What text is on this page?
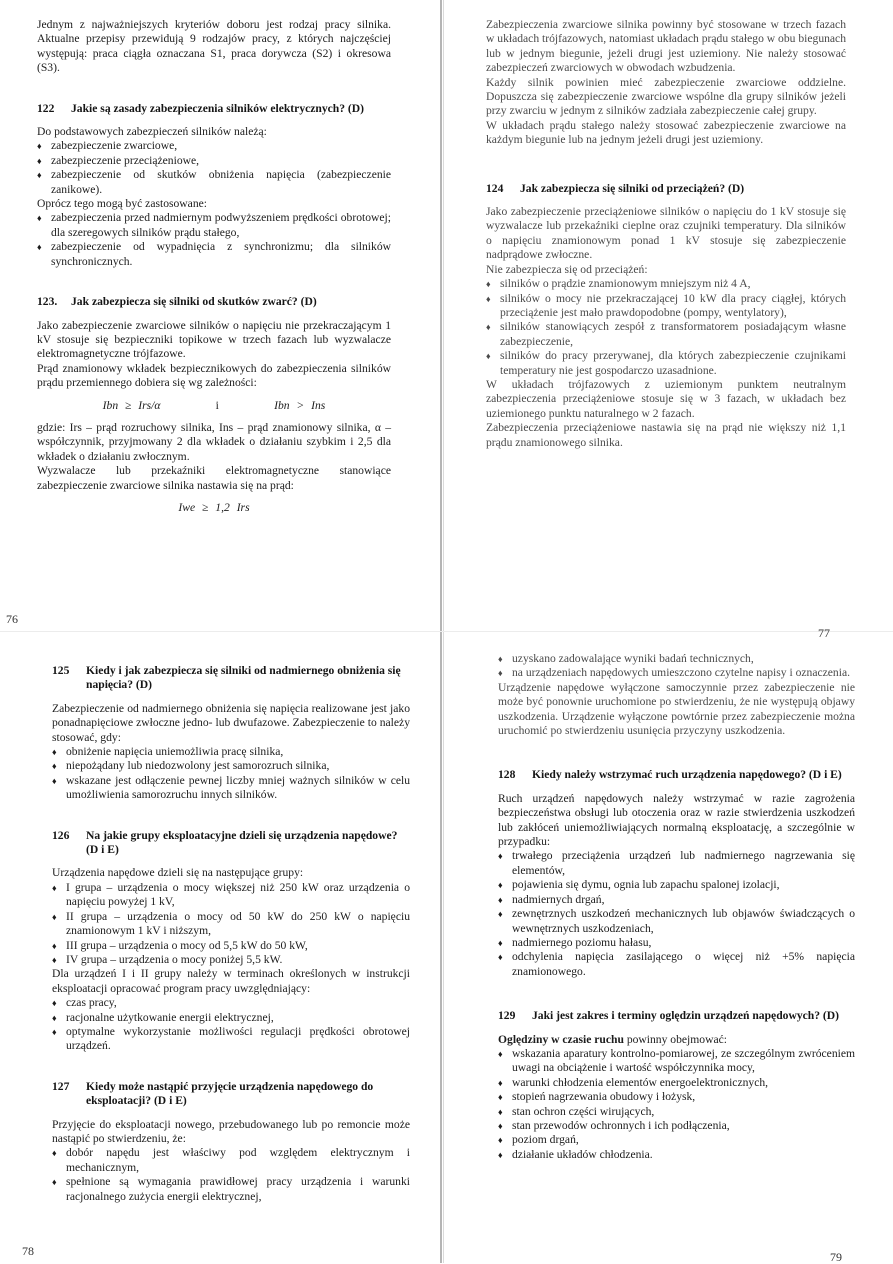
Jednym z najważniejszych kryteriów doboru jest rodzaj pracy silnika. Aktualne przepisy przewidują 9 rodzajów pracy, z których najczęściej występują: praca ciągła oznaczana S1, praca dorywcza (S2) i okresowa (S3).

122	Jakie są zasady zabezpieczenia silników elektrycznych? (D)

Do podstawowych zabezpieczeń silników należą:

♦ zabezpieczenie zwarciowe,
♦ zabezpieczenie przeciążeniowe,
♦ zabezpieczenie od skutków obniżenia napięcia (zabezpieczenie zanikowe).

Oprócz tego mogą być zastosowane:

♦ zabezpieczenia przed nadmiernym podwyższeniem prędkości obrotowej; dla szeregowych silników prądu stałego,
♦ zabezpieczenie od wypadnięcia z synchronizmu; dla silników synchronicznych.
123.	Jak zabezpiecza się silniki od skutków zwarć? (D)

Jako zabezpieczenie zwarciowe silników o napięciu nie przekraczającym 1 kV stosuje się bezpieczniki topikowe w trzech fazach lub wyzwalacze elektromagnetyczne trójfazowe.

Prąd znamionowy wkładek bezpiecznikowych do zabezpieczenia silników prądu przemiennego dobiera się wg zależności:

Ibn ≥ Irs/α	i	Ibn > Ins

gdzie: Irs – prąd rozruchowy silnika, Ins – prąd znamionowy silnika, α – współczynnik, przyjmowany 2 dla wkładek o działaniu szybkim i 2,5 dla wkładek o działaniu zwłocznym.

Wyzwalacze lub przekaźniki elektromagnetyczne stanowiące zabezpieczenie zwarciowe silnika nastawia się na prąd:

Iwe ≥ 1,2 Irs
76

Zabezpieczenia zwarciowe silnika powinny być stosowane w trzech fazach w układach trójfazowych, natomiast układach prądu stałego w obu biegunach lub w jednym biegunie, jeżeli drugi jest uziemiony. Nie należy stosować zabezpieczeń zwarciowych w obwodach wzbudzenia.

Każdy silnik powinien mieć zabezpieczenie zwarciowe oddzielne. Dopuszcza się zabezpieczenie zwarciowe wspólne dla grupy silników jeżeli przy zwarciu w jednym z silników zadziała zabezpieczenie całej grupy.

W układach prądu stałego należy stosować zabezpieczenie zwarciowe na każdym biegunie lub na jednym jeżeli drugi jest uziemiony.

124	Jak zabezpiecza się silniki od przeciążeń? (D)

Jako zabezpieczenie przeciążeniowe silników o napięciu do 1 kV stosuje się wyzwalacze lub przekaźniki cieplne oraz czujniki temperatury. Dla silników o napięciu znamionowym ponad 1 kV stosuje się zabezpieczenie nadprądowe zwłoczne.

Nie zabezpiecza się od przeciążeń:

♦ silników o prądzie znamionowym mniejszym niż 4 A,
♦ silników o mocy nie przekraczającej 10 kW dla pracy ciągłej, których przeciążenie jest mało prawdopodobne (pompy, wentylatory),
♦ silników stanowiących zespół z transformatorem posiadającym własne zabezpieczenie,
♦ silników do pracy przerywanej, dla których zabezpieczenie czujnikami temperatury nie jest gospodarczo uzasadnione.

W układach trójfazowych z uziemionym punktem neutralnym zabezpieczenia przeciążeniowe stosuje się w 3 fazach, w układach bez uziemionego punktu naturalnego w 2 fazach.

Zabezpieczenia przeciążeniowe nastawia się na prąd nie większy niż 1,1 prądu znamionowego silnika.

77
125	Kiedy i jak zabezpiecza się silniki od nadmiernego obniżenia się napięcia? (D)

Zabezpieczenie od nadmiernego obniżenia się napięcia realizowane jest jako ponadnapięciowe zwłoczne jedno- lub dwufazowe. Zabezpieczenie to należy stosować, gdy:

♦ obniżenie napięcia uniemożliwia pracę silnika,
♦ niepożądany lub niedozwolony jest samorozruch silnika,
♦ wskazane jest odłączenie pewnej liczby mniej ważnych silników w celu umożliwienia samorozruchu innych silników.
126	Na jakie grupy eksploatacyjne dzieli się urządzenia napędowe? (D i E)

Urządzenia napędowe dzieli się na następujące grupy:

♦ I grupa – urządzenia o mocy większej niż 250 kW oraz urządzenia o napięciu powyżej 1 kV,
♦ II grupa – urządzenia o mocy od 50 kW do 250 kW o napięciu znamionowym 1 kV i niższym,
♦ III grupa – urządzenia o mocy od 5,5 kW do 50 kW,
♦ IV grupa – urządzenia o mocy poniżej 5,5 kW.

Dla urządzeń I i II grupy należy w terminach określonych w instrukcji eksploatacji opracować program pracy uwzględniający:

♦ czas pracy,
♦ racjonalne użytkowanie energii elektrycznej,
♦ optymalne wykorzystanie możliwości regulacji prędkości obrotowej urządzeń.
127	Kiedy może nastąpić przyjęcie urządzenia napędowego do eksploatacji? (D i E)

Przyjęcie do eksploatacji nowego, przebudowanego lub po remoncie może nastąpić po stwierdzeniu, że:

♦ dobór napędu jest właściwy pod względem elektrycznym i mechanicznym,
♦ spełnione są wymagania prawidłowej pracy urządzenia i warunki racjonalnego zużycia energii elektrycznej,
78
♦ uzyskano zadowalające wyniki badań technicznych,
♦ na urządzeniach napędowych umieszczono czytelne napisy i oznaczenia.

Urządzenie napędowe wyłączone samoczynnie przez zabezpieczenie nie może być ponownie uruchomione po stwierdzeniu, że nie występują objawy uszkodzenia. Urządzenie wyłączone powtórnie przez zabezpieczenie można uruchomić po stwierdzeniu usunięcia przyczyny uszkodzenia.

128	Kiedy należy wstrzymać ruch urządzenia napędowego? (D i E)

Ruch urządzeń napędowych należy wstrzymać w razie zagrożenia bezpieczeństwa obsługi lub otoczenia oraz w razie stwierdzenia uszkodzeń lub zakłóceń uniemożliwiających normalną eksploatację, a szczególnie w przypadku:

♦ trwałego przeciążenia urządzeń lub nadmiernego nagrzewania się elementów,
♦ pojawienia się dymu, ognia lub zapachu spalonej izolacji,
♦ nadmiernych drgań,
♦ zewnętrznych uszkodzeń mechanicznych lub objawów świadczących o wewnętrznych uszkodzeniach,
♦ nadmiernego poziomu hałasu,
♦ odchylenia napięcia zasilającego o więcej niż +5% napięcia znamionowego.
129	Jaki jest zakres i terminy oględzin urządzeń napędowych? (D)

Oględziny w czasie ruchu powinny obejmować:

♦ wskazania aparatury kontrolno-pomiarowej, ze szczególnym zwróceniem uwagi na obciążenie i wartość współczynnika mocy,
♦ warunki chłodzenia elementów energoelektronicznych,
♦ stopień nagrzewania obudowy i łożysk,
♦ stan ochron części wirujących,
♦ stan przewodów ochronnych i ich podłączenia,
♦ poziom drgań,
♦ działanie układów chłodzenia.
79
